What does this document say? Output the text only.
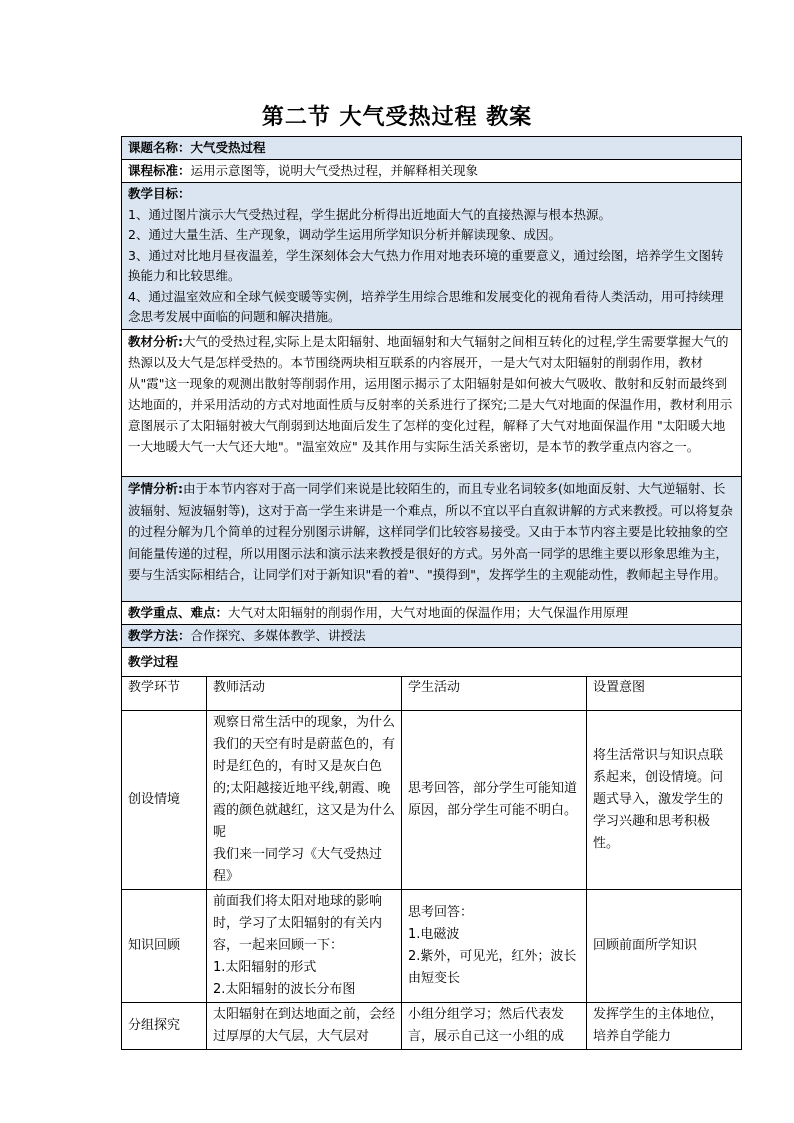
第二节 大气受热过程 教案
课题名称：大气受热过程			
课程标准：运用示意图等，说明大气受热过程，并解释相关现象			

教学目标：
1、通过图片演示大气受热过程，学生据此分析得出近地面大气的直接热源与根本热源。
2、通过大量生活、生产现象，调动学生运用所学知识分析并解读现象、成因。
3、通过对比地月昼夜温差，学生深刻体会大气热力作用对地表环境的重要意义，通过绘图，培养学生文图转换能力和比较思维。
4、通过温室效应和全球气候变暖等实例，培养学生用综合思维和发展变化的视角看待人类活动，用可持续理念思考发展中面临的问题和解决措施。			

教材分析:大气的受热过程,实际上是太阳辐射、地面辐射和大气辐射之间相互转化的过程,学生需要掌握大气的热源以及大气是怎样受热的。本节围绕两块相互联系的内容展开，一是大气对太阳辐射的削弱作用，教材从"霞"这一现象的观测出散射等削弱作用，运用图示揭示了太阳辐射是如何被大气吸收、散射和反射而最终到达地面的，并采用活动的方式对地面性质与反射率的关系进行了探究;二是大气对地面的保温作用，教材利用示意图展示了太阳辐射被大气削弱到达地面后发生了怎样的变化过程，解释了大气对地面保温作用 "太阳暖大地一大地暖大气一大气还大地"。"温室效应" 及其作用与实际生活关系密切，是本节的教学重点内容之一。			
学情分析:由于本节内容对于高一同学们来说是比较陌生的，而且专业名词较多(如地面反射、大气逆辐射、长波辐射、短波辐射等)，这对于高一学生来讲是一个难点，所以不宜以平白直叙讲解的方式来教授。可以将复杂的过程分解为几个简单的过程分别图示讲解，这样同学们比较容易接受。又由于本节内容主要是比较抽象的空间能量传递的过程，所以用图示法和演示法来教授是很好的方式。另外高一同学的思维主要以形象思维为主，要与生活实际相结合，让同学们对于新知识"看的着"、"摸得到"，发挥学生的主观能动性，教师起主导作用。			
教学重点、难点：大气对太阳辐射的削弱作用，大气对地面的保温作用；大气保温作用原理			
教学方法：合作探究、多媒体教学、讲授法			
教学过程			
教学环节	教师活动	学生活动	设置意图
创设情境	观察日常生活中的现象，为什么我们的天空有时是蔚蓝色的，有时是红色的，有时又是灰白色的;太阳越接近地平线,朝霞、晚霞的颜色就越红，这又是为什么呢
我们来一同学习《大气受热过程》	思考回答，部分学生可能知道原因，部分学生可能不明白。	将生活常识与知识点联系起来，创设情境。问题式导入，激发学生的学习兴趣和思考积极性。
知识回顾	前面我们将太阳对地球的影响时，学习了太阳辐射的有关内容，一起来回顾一下：
1.太阳辐射的形式
2.太阳辐射的波长分布图	思考回答：
1.电磁波
2.紫外，可见光，红外；波长由短变长	回顾前面所学知识
分组探究	太阳辐射在到达地面之前，会经过厚厚的大气层，大气层对	小组分组学习；然后代表发言，展示自己这一小组的成	发挥学生的主体地位，培养自学能力
